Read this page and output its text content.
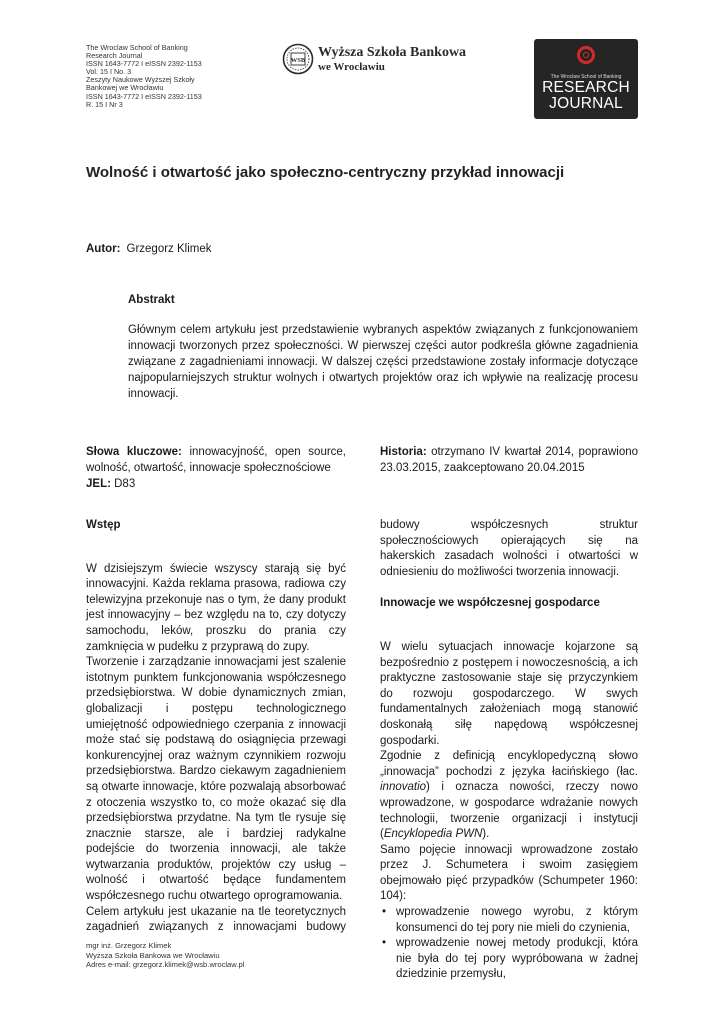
The Wroclaw School of Banking
Research Journal
ISSN 1643-7772 I eISSN 2392-1153
Vol. 15 I No. 3
Zeszyty Naukowe Wyższej Szkoły
Bankowej we Wrocławiu
ISSN 1643-7772 I eISSN 2392-1153
R. 15 I Nr 3
WSB
Wyższa Szkoła Bankowa
we Wrocławiu
The Wroclaw School of Banking
RESEARCH
JOURNAL
Wolność i otwartość jako społeczno-centryczny przykład innowacji
Autor: Grzegorz Klimek
Abstrakt
Głównym celem artykułu jest przedstawienie wybranych aspektów związanych z funkcjonowaniem innowacji tworzonych przez społeczności. W pierwszej części autor podkreśla główne zagadnienia związane z zagadnieniami innowacji. W dalszej części przedstawione zostały informacje dotyczące najpopularniejszych struktur wolnych i otwartych projektów oraz ich wpływie na realizację procesu innowacji.
Słowa kluczowe: innowacyjność, open source, wolność, otwartość, innowacje społecznościowe
JEL: D83
Historia: otrzymano IV kwartał 2014, poprawiono 23.03.2015, zaakceptowano 20.04.2015
Wstęp
W dzisiejszym świecie wszyscy starają się być innowacyjni. Każda reklama prasowa, radiowa czy telewizyjna przekonuje nas o tym, że dany produkt jest innowacyjny – bez względu na to, czy dotyczy samochodu, leków, proszku do prania czy zamknięcia w pudełku z przyprawą do zupy.
Tworzenie i zarządzanie innowacjami jest szalenie istotnym punktem funkcjonowania współczesnego przedsiębiorstwa. W dobie dynamicznych zmian, globalizacji i postępu technologicznego umiejętność odpowiedniego czerpania z innowacji może stać się podstawą do osiągnięcia przewagi konkurencyjnej oraz ważnym czynnikiem rozwoju przedsiębiorstwa. Bardzo ciekawym zagadnieniem są otwarte innowacje, które pozwalają absorbować z otoczenia wszystko to, co może okazać się dla przedsiębiorstwa przydatne. Na tym tle rysuje się znacznie starsze, ale i bardziej radykalne podejście do tworzenia innowacji, ale także wytwarzania produktów, projektów czy usług – wolność i otwartość będące fundamentem współczesnego ruchu otwartego oprogramowania.
Celem artykułu jest ukazanie na tle teoretycznych zagadnień związanych z innowacjami budowy
budowy współczesnych struktur społecznościowych opierających się na hakerskich zasadach wolności i otwartości w odniesieniu do możliwości tworzenia innowacji.
Innowacje we współczesnej gospodarce
W wielu sytuacjach innowacje kojarzone są bezpośrednio z postępem i nowoczesnością, a ich praktyczne zastosowanie staje się przyczynkiem do rozwoju gospodarczego. W swych fundamentalnych założeniach mogą stanowić doskonałą siłę napędową współczesnej gospodarki.
Zgodnie z definicją encyklopedyczną słowo „innowacja” pochodzi z języka łacińskiego (łac. innovatio) i oznacza nowości, rzeczy nowo wprowadzone, w gospodarce wdrażanie nowych technologii, tworzenie organizacji i instytucji (Encyklopedia PWN).
Samo pojęcie innowacji wprowadzone zostało przez J. Schumetera i swoim zasięgiem obejmowało pięć przypadków (Schumpeter 1960: 104):
• wprowadzenie nowego wyrobu, z którym konsumenci do tej pory nie mieli do czynienia,
• wprowadzenie nowej metody produkcji, która nie była do tej pory wypróbowana w żadnej dziedzinie przemysłu,
mgr inż. Grzegorz Klimek
Wyższa Szkoła Bankowa we Wrocławiu
Adres e-mail: grzegorz.klimek@wsb.wroclaw.pl
